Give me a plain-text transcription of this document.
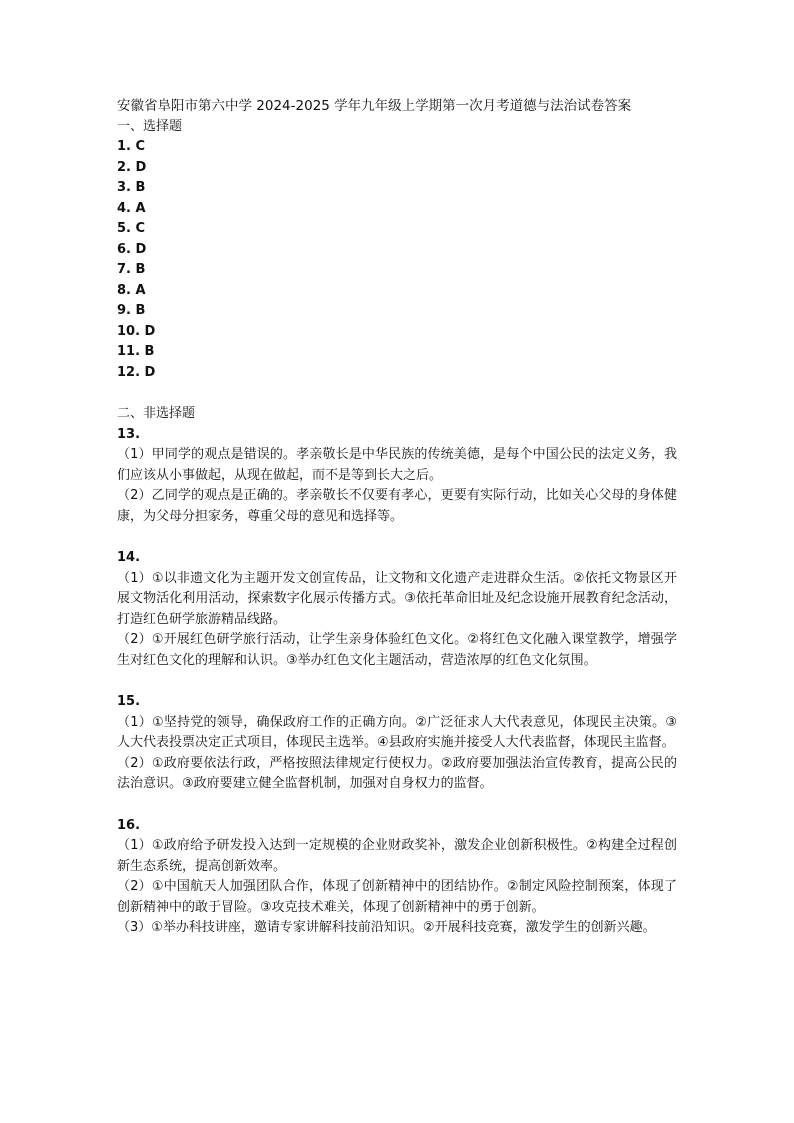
安徽省阜阳市第六中学 2024-2025 学年九年级上学期第一次月考道德与法治试卷答案
一、选择题
1. C
2. D
3. B
4. A
5. C
6. D
7. B
8. A
9. B
10. D
11. B
12. D
二、非选择题
13.

（1）甲同学的观点是错误的。孝亲敬长是中华民族的传统美德，是每个中国公民的法定义务，我们应该从小事做起，从现在做起，而不是等到长大之后。

（2）乙同学的观点是正确的。孝亲敬长不仅要有孝心，更要有实际行动，比如关心父母的身体健康，为父母分担家务，尊重父母的意见和选择等。

14.

（1）①以非遗文化为主题开发文创宣传品，让文物和文化遗产走进群众生活。②依托文物景区开展文物活化利用活动，探索数字化展示传播方式。③依托革命旧址及纪念设施开展教育纪念活动，打造红色研学旅游精品线路。

（2）①开展红色研学旅行活动，让学生亲身体验红色文化。②将红色文化融入课堂教学，增强学生对红色文化的理解和认识。③举办红色文化主题活动，营造浓厚的红色文化氛围。

15.

（1）①坚持党的领导，确保政府工作的正确方向。②广泛征求人大代表意见，体现民主决策。③人大代表投票决定正式项目，体现民主选举。④县政府实施并接受人大代表监督，体现民主监督。

（2）①政府要依法行政，严格按照法律规定行使权力。②政府要加强法治宣传教育，提高公民的法治意识。③政府要建立健全监督机制，加强对自身权力的监督。

16.

（1）①政府给予研发投入达到一定规模的企业财政奖补，激发企业创新积极性。②构建全过程创新生态系统，提高创新效率。

（2）①中国航天人加强团队合作，体现了创新精神中的团结协作。②制定风险控制预案，体现了创新精神中的敢于冒险。③攻克技术难关，体现了创新精神中的勇于创新。

（3）①举办科技讲座，邀请专家讲解科技前沿知识。②开展科技竞赛，激发学生的创新兴趣。
